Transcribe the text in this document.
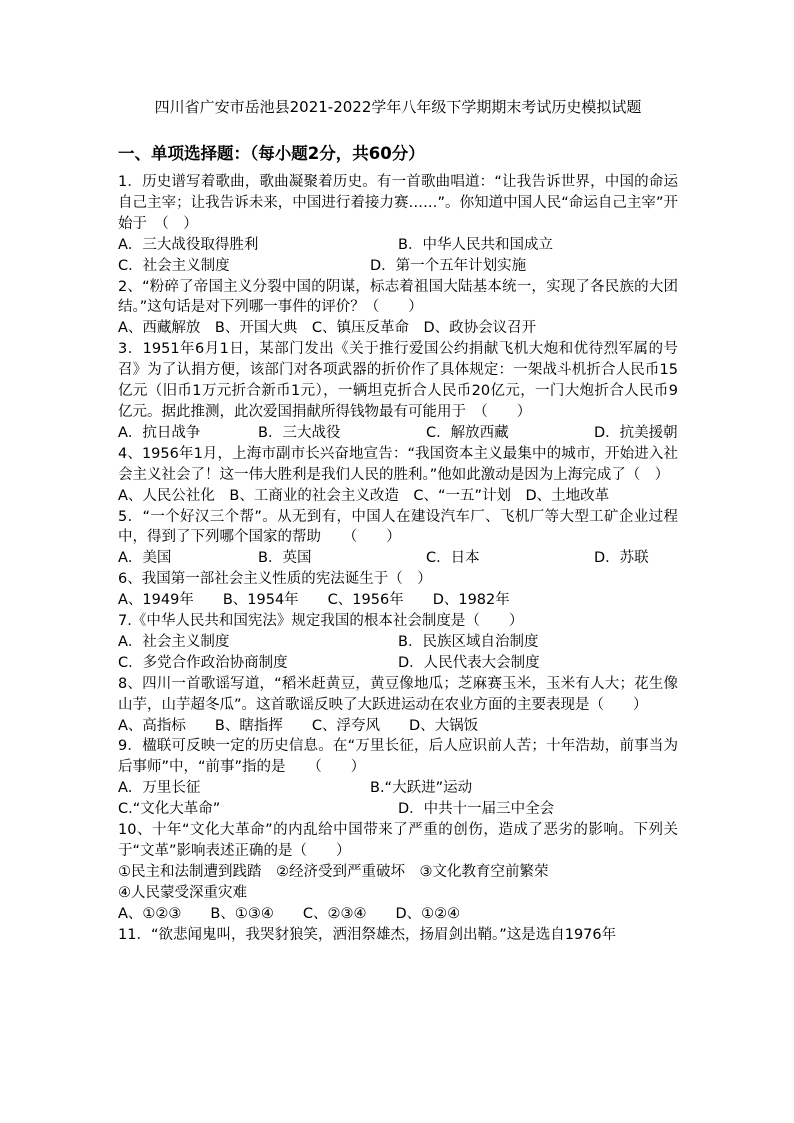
四川省广安市岳池县2021-2022学年八年级下学期期末考试历史模拟试题
一、单项选择题：（每小题2分，共60分）

1．历史谱写着歌曲，歌曲凝聚着历史。有一首歌曲唱道：“让我告诉世界，中国的命运自己主宰；让我告诉未来，中国进行着接力赛……”。你知道中国人民“命运自己主宰”开始于　（　）

A．三大战役取得胜利	B．中华人民共和国成立
C．社会主义制度	D．第一个五年计划实施

2、“粉碎了帝国主义分裂中国的阴谋，标志着祖国大陆基本统一，实现了各民族的大团结。”这句话是对下列哪一事件的评价？（　　）

A、西藏解放　B、开国大典　C、镇压反革命　D、政协会议召开

3．1951年6月1日，某部门发出《关于推行爱国公约捐献飞机大炮和优待烈军属的号召》为了认捐方便，该部门对各项武器的折价作了具体规定：一架战斗机折合人民币15亿元（旧币1万元折合新币1元），一辆坦克折合人民币20亿元，一门大炮折合人民币9亿元。据此推测，此次爱国捐献所得钱物最有可能用于　（　　）

A．抗日战争	B．三大战役	C．解放西藏	D．抗美援朝

4、1956年1月，上海市副市长兴奋地宣告：“我国资本主义最集中的城市，开始进入社会主义社会了！这一伟大胜利是我们人民的胜利。”他如此激动是因为上海完成了（　）

A、人民公社化　B、工商业的社会主义改造　C、“一五”计划　D、土地改革

5．“一个好汉三个帮”。从无到有，中国人在建设汽车厂、飞机厂等大型工矿企业过程中，得到了下列哪个国家的帮助　　（　　）

A．美国	B．英国	C．日本	D．苏联

6、我国第一部社会主义性质的宪法诞生于（　）

A、1949年　　B、1954年　　C、1956年　　D、1982年

7.《中华人民共和国宪法》规定我国的根本社会制度是（　　）

A．社会主义制度	B．民族区域自治制度
C．多党合作政治协商制度	D．人民代表大会制度

8、四川一首歌谣写道，“稻米赶黄豆，黄豆像地瓜；芝麻赛玉米，玉米有人大；花生像山芋，山芋超冬瓜”。这首歌谣反映了大跃进运动在农业方面的主要表现是（　　）

A、高指标　　B、瞎指挥　　C、浮夸风　　D、大锅饭

9．楹联可反映一定的历史信息。在“万里长征，后人应识前人苦；十年浩劫，前事当为后事师”中，“前事”指的是　　（　　）

A．万里长征	B.“大跃进”运动
C.“文化大革命”	D．中共十一届三中全会

10、十年“文化大革命”的内乱给中国带来了严重的创伤，造成了恶劣的影响。下列关于“文革”影响表述正确的是（　　）

①民主和法制遭到践踏　②经济受到严重破坏　③文化教育空前繁荣

④人民蒙受深重灾难

A、①②③　　B、①③④　　C、②③④　　D、①②④

11．“欲悲闻鬼叫，我哭豺狼笑，洒泪祭雄杰，扬眉剑出鞘。”这是选自1976年
